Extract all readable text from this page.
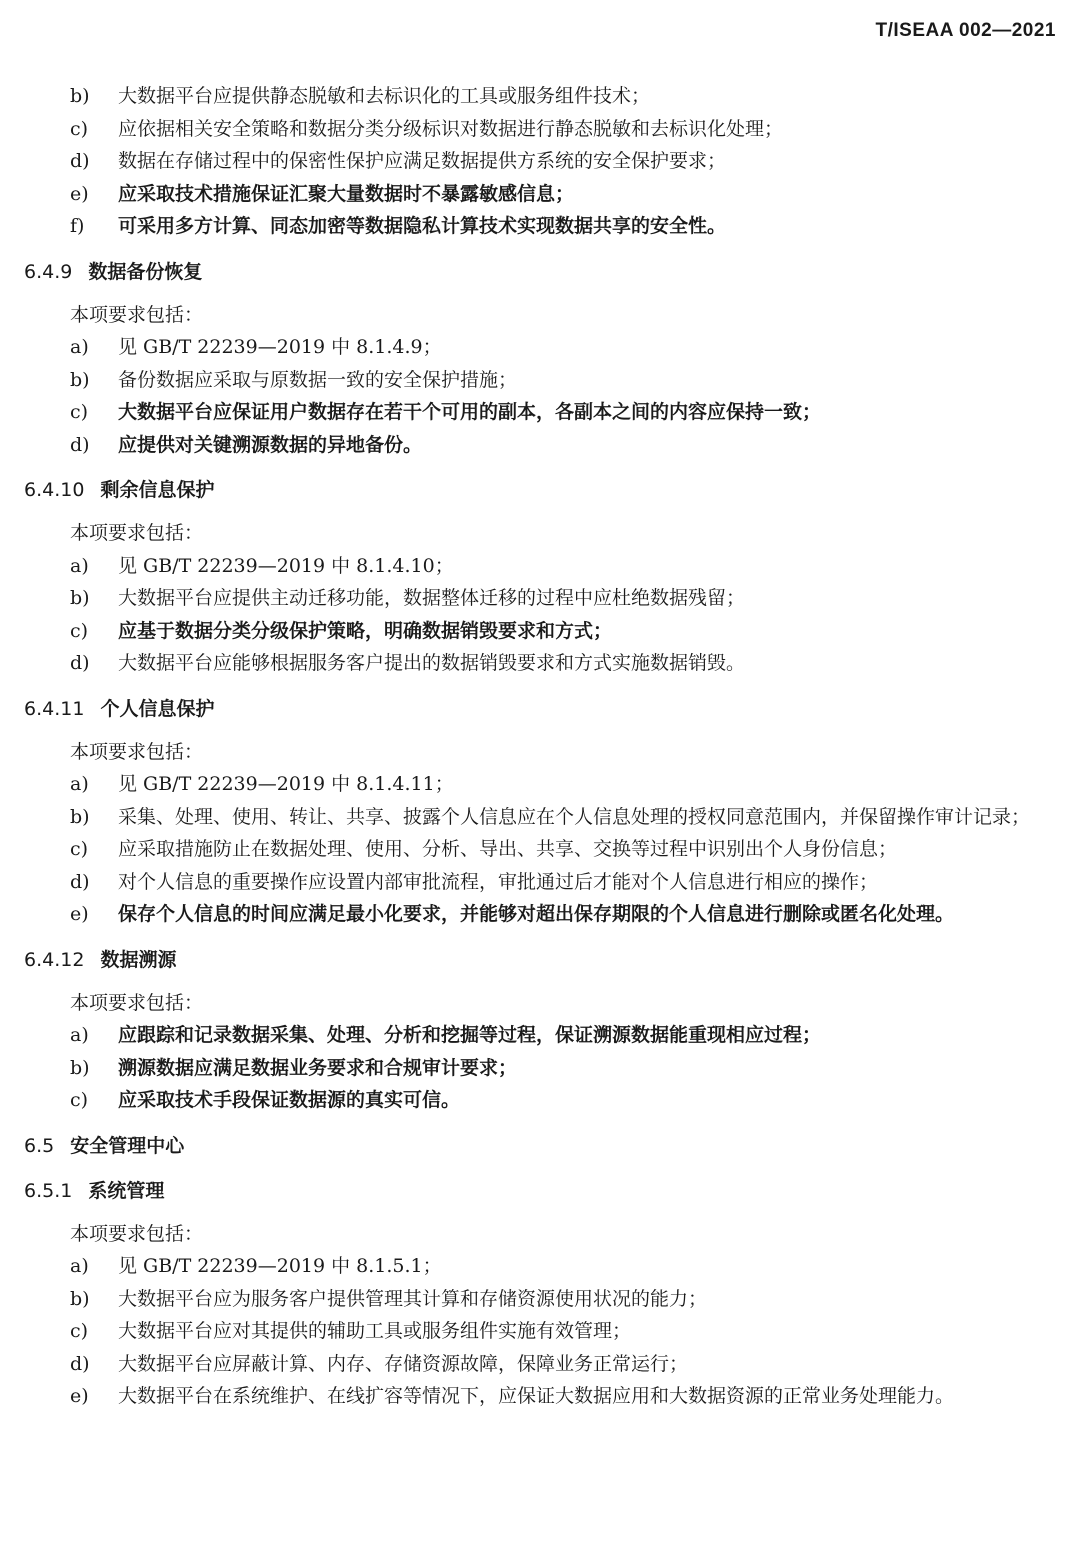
T/ISEAA 002—2021
b) 大数据平台应提供静态脱敏和去标识化的工具或服务组件技术；
c) 应依据相关安全策略和数据分类分级标识对数据进行静态脱敏和去标识化处理；
d) 数据在存储过程中的保密性保护应满足数据提供方系统的安全保护要求；
e) 应采取技术措施保证汇聚大量数据时不暴露敏感信息；
f) 可采用多方计算、同态加密等数据隐私计算技术实现数据共享的安全性。
6.4.9 数据备份恢复
本项要求包括：
a) 见 GB/T 22239—2019 中 8.1.4.9；
b) 备份数据应采取与原数据一致的安全保护措施；
c) 大数据平台应保证用户数据存在若干个可用的副本，各副本之间的内容应保持一致；
d) 应提供对关键溯源数据的异地备份。
6.4.10 剩余信息保护
本项要求包括：
a) 见 GB/T 22239—2019 中 8.1.4.10；
b) 大数据平台应提供主动迁移功能，数据整体迁移的过程中应杜绝数据残留；
c) 应基于数据分类分级保护策略，明确数据销毁要求和方式；
d) 大数据平台应能够根据服务客户提出的数据销毁要求和方式实施数据销毁。
6.4.11 个人信息保护
本项要求包括：
a) 见 GB/T 22239—2019 中 8.1.4.11；
b) 采集、处理、使用、转让、共享、披露个人信息应在个人信息处理的授权同意范围内，并保留操作审计记录；
c) 应采取措施防止在数据处理、使用、分析、导出、共享、交换等过程中识别出个人身份信息；
d) 对个人信息的重要操作应设置内部审批流程，审批通过后才能对个人信息进行相应的操作；
e) 保存个人信息的时间应满足最小化要求，并能够对超出保存期限的个人信息进行删除或匿名化处理。
6.4.12 数据溯源
本项要求包括：
a) 应跟踪和记录数据采集、处理、分析和挖掘等过程，保证溯源数据能重现相应过程；
b) 溯源数据应满足数据业务要求和合规审计要求；
c) 应采取技术手段保证数据源的真实可信。
6.5 安全管理中心
6.5.1 系统管理
本项要求包括：
a) 见 GB/T 22239—2019 中 8.1.5.1；
b) 大数据平台应为服务客户提供管理其计算和存储资源使用状况的能力；
c) 大数据平台应对其提供的辅助工具或服务组件实施有效管理；
d) 大数据平台应屏蔽计算、内存、存储资源故障，保障业务正常运行；
e) 大数据平台在系统维护、在线扩容等情况下，应保证大数据应用和大数据资源的正常业务处理能力。
